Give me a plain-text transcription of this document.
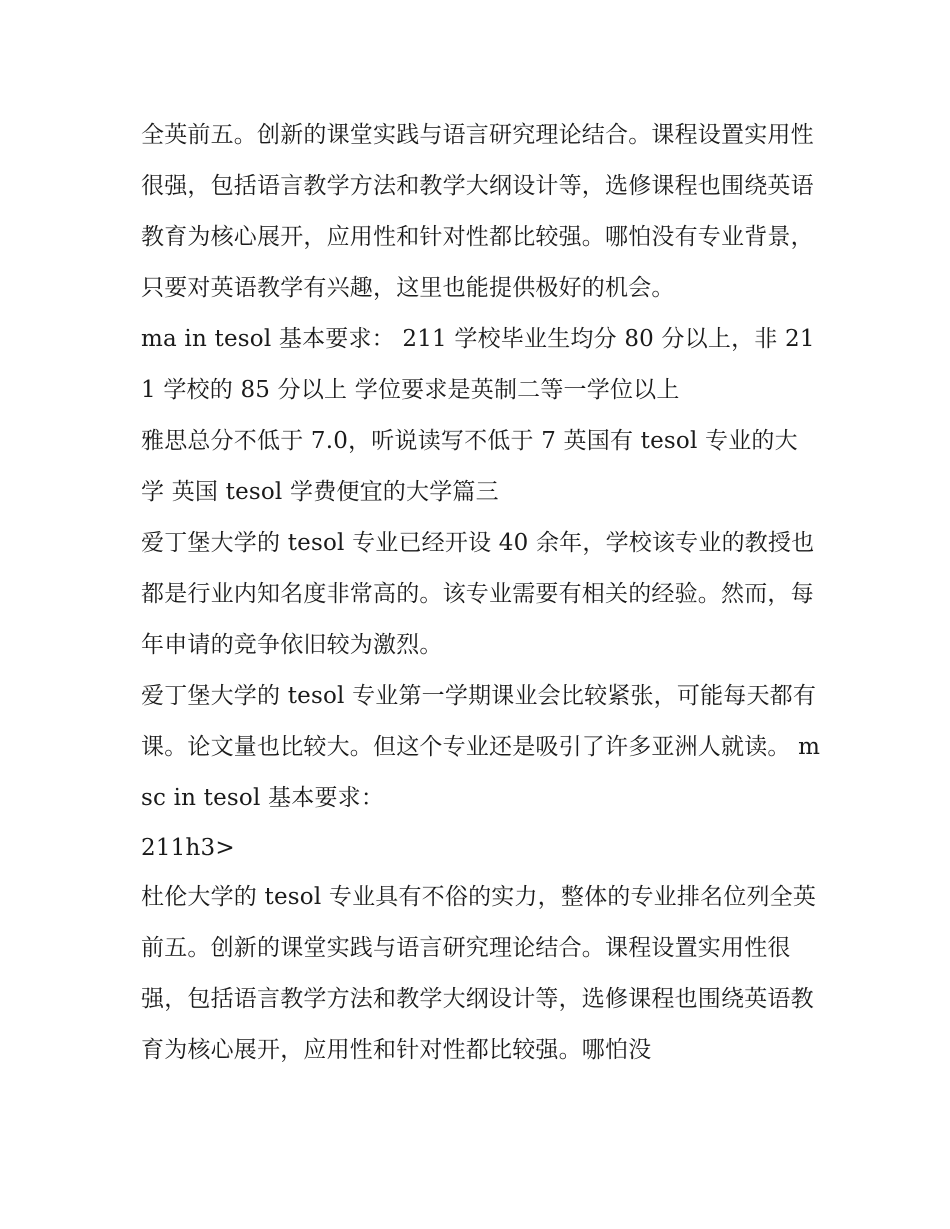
全英前五。创新的课堂实践与语言研究理论结合。课程设置实用性很强，包括语言教学方法和教学大纲设计等，选修课程也围绕英语教育为核心展开，应用性和针对性都比较强。哪怕没有专业背景，只要对英语教学有兴趣，这里也能提供极好的机会。

ma in tesol 基本要求： 211 学校毕业生均分 80 分以上，非 211 学校的 85 分以上 学位要求是英制二等一学位以上

雅思总分不低于 7.0，听说读写不低于 7 英国有 tesol 专业的大学 英国 tesol 学费便宜的大学篇三

爱丁堡大学的 tesol 专业已经开设 40 余年，学校该专业的教授也都是行业内知名度非常高的。该专业需要有相关的经验。然而，每年申请的竞争依旧较为激烈。

爱丁堡大学的 tesol 专业第一学期课业会比较紧张，可能每天都有课。论文量也比较大。但这个专业还是吸引了许多亚洲人就读。 msc in tesol 基本要求：

211h3>

杜伦大学的 tesol 专业具有不俗的实力，整体的专业排名位列全英前五。创新的课堂实践与语言研究理论结合。课程设置实用性很强，包括语言教学方法和教学大纲设计等，选修课程也围绕英语教育为核心展开，应用性和针对性都比较强。哪怕没
